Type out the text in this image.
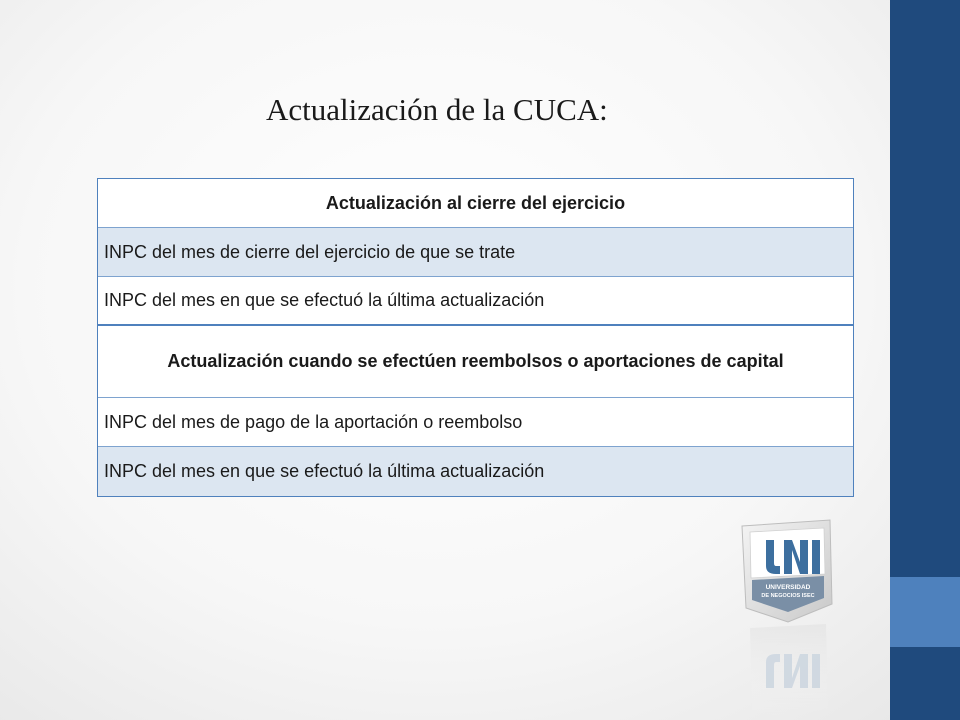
Actualización de la CUCA:
Actualización al cierre del ejercicio
INPC del mes de cierre del ejercicio de que se trate
INPC del mes en que se efectuó la última actualización
Actualización cuando se efectúen reembolsos o aportaciones de capital
INPC del mes de pago de la aportación o reembolso
INPC del mes en que se efectuó la última actualización
UNIVERSIDAD
DE NEGOCIOS ISEC
